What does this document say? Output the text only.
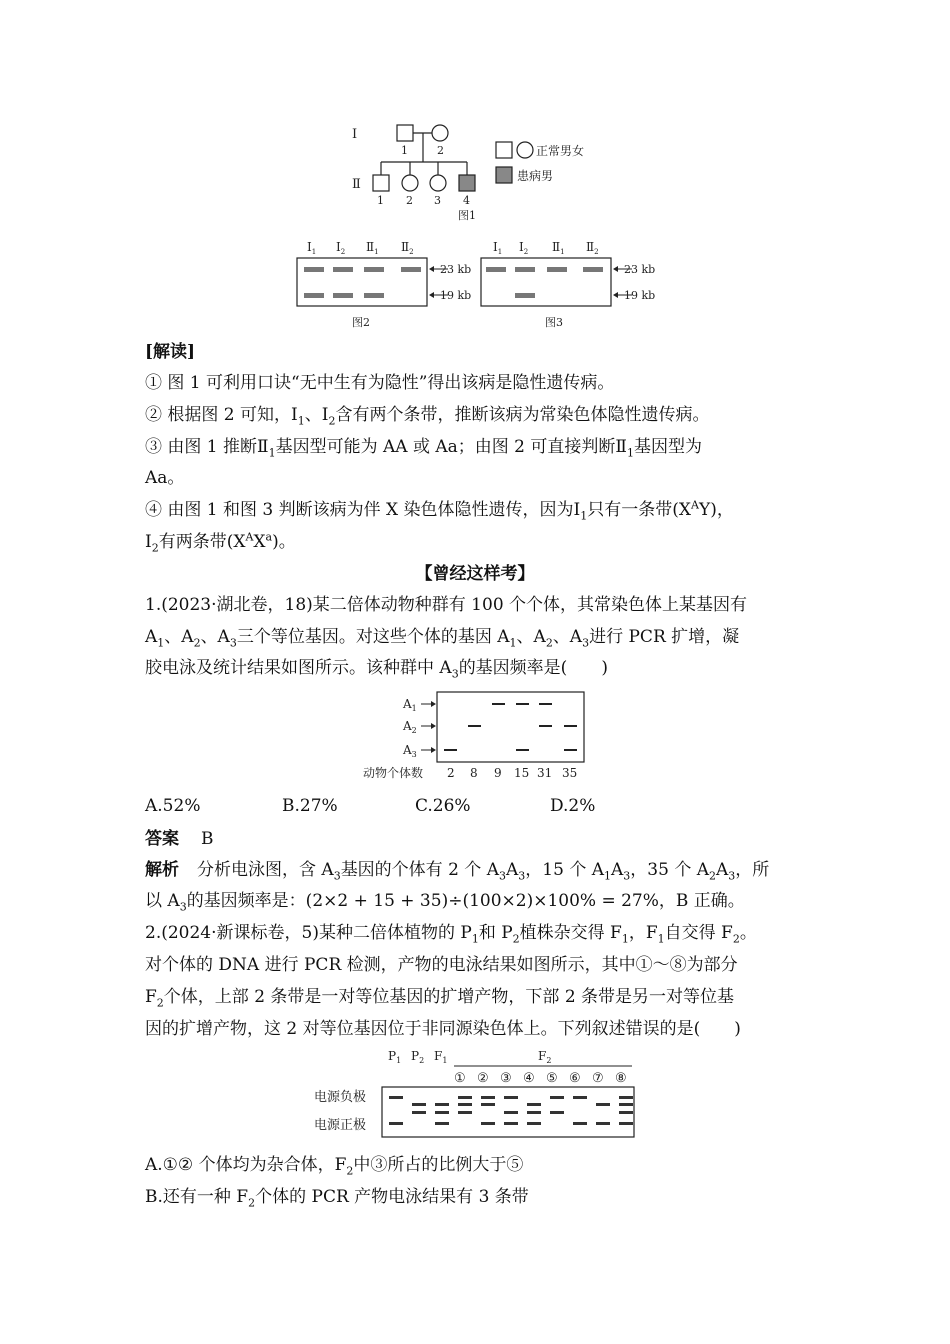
Ⅰ
1	2
Ⅱ
1 2 3 4
图1
正常男女
患病男
$Ⅰ_1$ $Ⅰ_2$ $Ⅱ_1$ $Ⅱ_2$
23 kb
19 kb
图2
$Ⅰ_1$ $Ⅰ_2$ $Ⅱ_1$ $Ⅱ_2$
23 kb
19 kb
图3
[解读]
① 图 1 可利用口诀“无中生有为隐性”得出该病是隐性遗传病。
② 根据图 2 可知，$Ⅰ_1$、$Ⅰ_2$含有两个条带，推断该病为常染色体隐性遗传病。
③ 由图 1 推断$Ⅱ_1$基因型可能为 AA 或 Aa；由图 2 可直接判断$Ⅱ_1$基因型为
Aa。
④ 由图 1 和图 3 判断该病为伴 X 染色体隐性遗传，因为$Ⅰ_1$只有一条带$(X^AY)$，
$Ⅰ_2$有两条带$(X^AX^a)$。
【曾经这样考】
1.(2023·湖北卷，18)某二倍体动物种群有 100 个个体，其常染色体上某基因有
$A_1$、$A_2$、$A_3$三个等位基因。对这些个体的基因 $A_1$、$A_2$、$A_3$进行 PCR 扩增，凝
胶电泳及统计结果如图所示。该种群中 $A_3$的基因频率是(　　)
$A_1$
$A_2$
$A_3$
动物个体数 2 8 9 15 31 35
A.52%	B.27%	C.26%	D.2%
答案 B
解析 分析电泳图，含 $A_3$基因的个体有 2 个 $A_3A_3$，15 个 $A_1A_3$，35 个 $A_2A_3$，所
以 $A_3$的基因频率是：(2×2 + 15 + 35)÷(100×2)×100% = 27%，B 正确。
2.(2024·新课标卷，5)某种二倍体植物的 $P_1$和 $P_2$植株杂交得 $F_1$，$F_1$自交得 $F_2$。
对个体的 DNA 进行 PCR 检测，产物的电泳结果如图所示，其中①～⑧为部分
$F_2$个体，上部 2 条带是一对等位基因的扩增产物，下部 2 条带是另一对等位基
因的扩增产物，这 2 对等位基因位于非同源染色体上。下列叙述错误的是(　　)
$P_1$ $P_2$ $F_1$	$F_2$
① ② ③ ④ ⑤ ⑥ ⑦ ⑧
电源负极
电源正极
A.①② 个体均为杂合体，$F_2$中③所占的比例大于⑤
B.还有一种 $F_2$个体的 PCR 产物电泳结果有 3 条带
